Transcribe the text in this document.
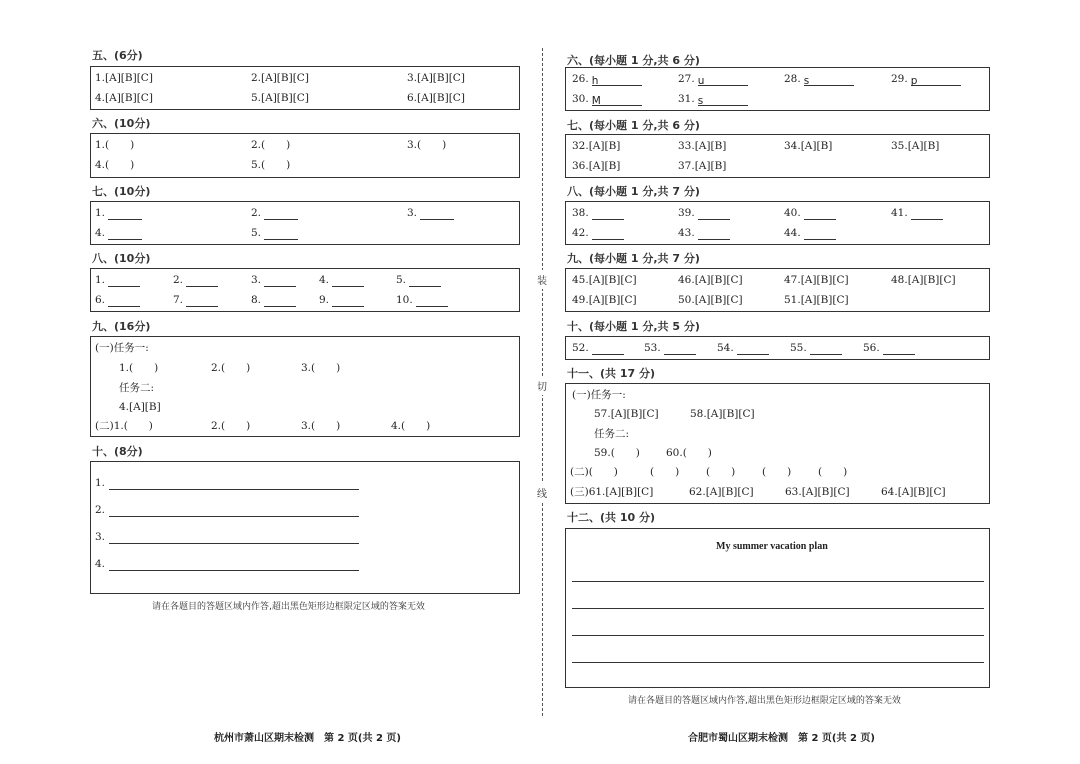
五、(6分)
1.[A][B][C]	2.[A][B][C]	3.[A][B][C]
4.[A][B][C]	5.[A][B][C]	6.[A][B][C]
六、(10分)
1.(　　)	2.(　　)	3.(　　)
4.(　　)	5.(　　)
七、(10分)
1.	2.	3.
4.	5.
八、(10分)
1.	2.	3.	4.	5.
6.	7.	8.	9.	10.
九、(16分)
(一)任务一:
1.(　　)	2.(　　)	3.(　　)
任务二:
4.[A][B]
(二)1.(　　)	2.(　　)	3.(　　)	4.(　　)
十、(8分)
1.
2.
3.
4.
请在各题目的答题区域内作答,超出黑色矩形边框限定区域的答案无效
杭州市萧山区期末检测　第 2 页(共 2 页)
装
切
线
六、(每小题 1 分,共 6 分)
26. h	27. u	28. s	29. p
30. M	31. s
七、(每小题 1 分,共 6 分)
32.[A][B]	33.[A][B]	34.[A][B]	35.[A][B]
36.[A][B]	37.[A][B]
八、(每小题 1 分,共 7 分)
38.	39.	40.	41.
42.	43.	44.
九、(每小题 1 分,共 7 分)
45.[A][B][C]	46.[A][B][C]	47.[A][B][C]	48.[A][B][C]
49.[A][B][C]	50.[A][B][C]	51.[A][B][C]
十、(每小题 1 分,共 5 分)
52.	53.	54.	55.	56.
十一、(共 17 分)
(一)任务一:
57.[A][B][C]	58.[A][B][C]
任务二:
59.(　　) 60.(　　)
(二)(　　)	(　　)	(　　)	(　　)	(　　)
(三)61.[A][B][C]	62.[A][B][C]	63.[A][B][C]	64.[A][B][C]
十二、(共 10 分)
My summer vacation plan
请在各题目的答题区域内作答,超出黑色矩形边框限定区域的答案无效
合肥市蜀山区期末检测　第 2 页(共 2 页)
